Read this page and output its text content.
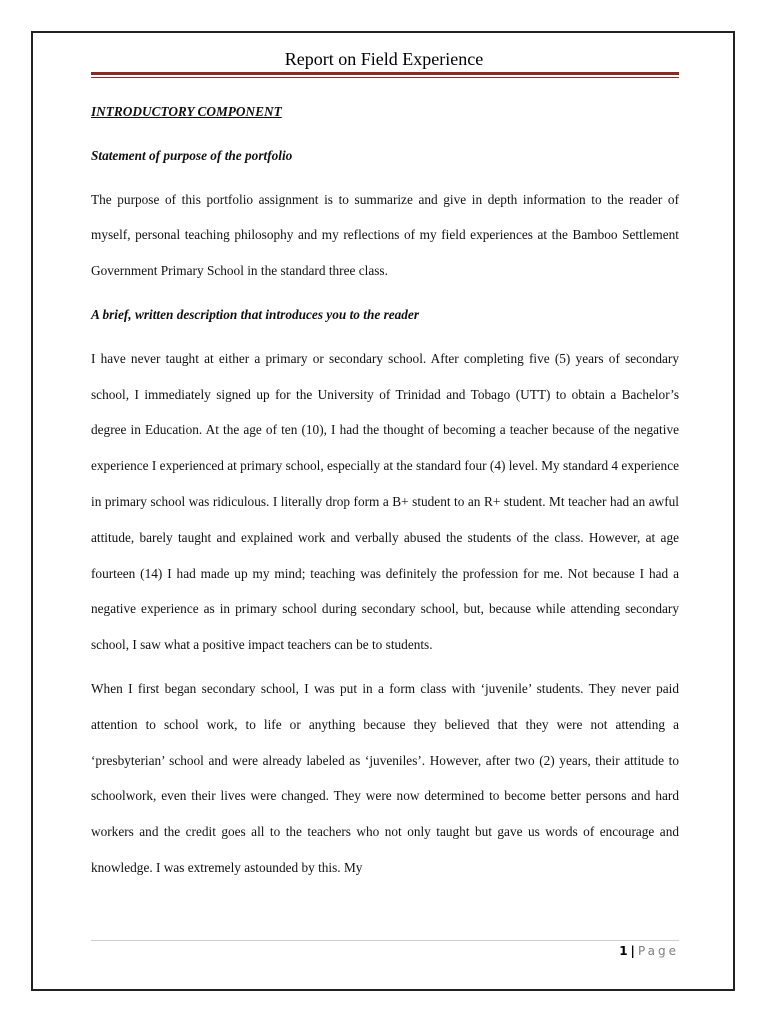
Report on Field Experience

INTRODUCTORY COMPONENT

Statement of purpose of the portfolio

The purpose of this portfolio assignment is to summarize and give in depth information to the reader of myself, personal teaching philosophy and my reflections of my field experiences at the Bamboo Settlement Government Primary School in the standard three class.

A brief, written description that introduces you to the reader

I have never taught at either a primary or secondary school. After completing five (5) years of secondary school, I immediately signed up for the University of Trinidad and Tobago (UTT) to obtain a Bachelor’s degree in Education. At the age of ten (10), I had the thought of becoming a teacher because of the negative experience I experienced at primary school, especially at the standard four (4) level. My standard 4 experience in primary school was ridiculous. I literally drop form a B+ student to an R+ student. Mt teacher had an awful attitude, barely taught and explained work and verbally abused the students of the class. However, at age fourteen (14) I had made up my mind; teaching was definitely the profession for me. Not because I had a negative experience as in primary school during secondary school, but, because while attending secondary school, I saw what a positive impact teachers can be to students.

When I first began secondary school, I was put in a form class with ‘juvenile’ students. They never paid attention to school work, to life or anything because they believed that they were not attending a ‘presbyterian’ school and were already labeled as ‘juveniles’. However, after two (2) years, their attitude to schoolwork, even their lives were changed. They were now determined to become better persons and hard workers and the credit goes all to the teachers who not only taught but gave us words of encourage and knowledge. I was extremely astounded by this. My

1 | Page
